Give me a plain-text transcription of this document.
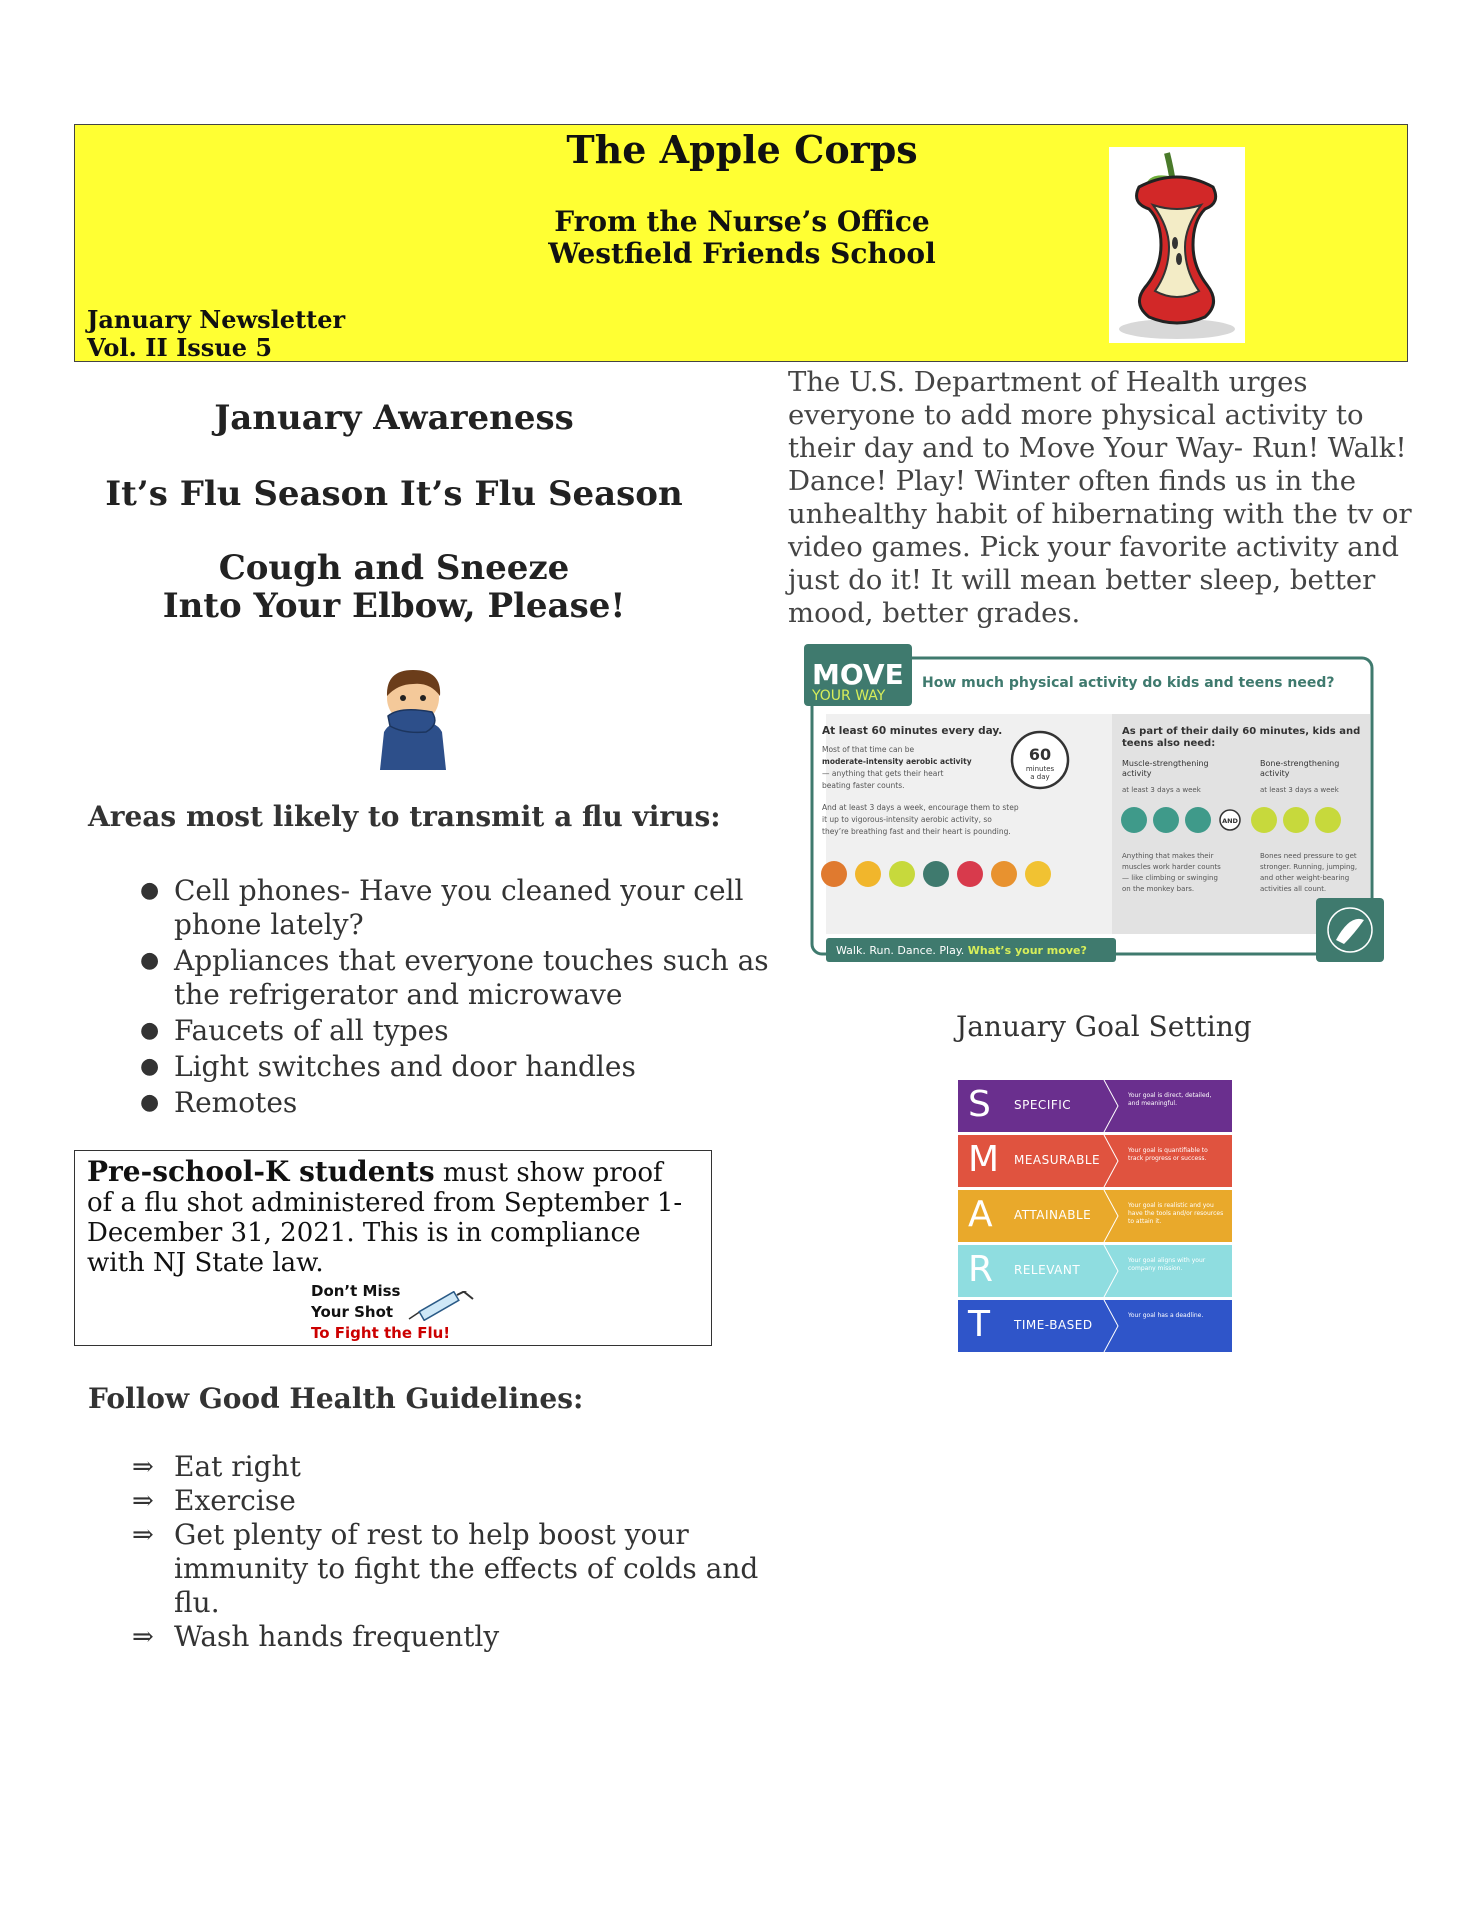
The Apple Corps
From the Nurse’s Office
Westfield Friends School
January Newsletter
Vol. II Issue 5
January Awareness
It’s Flu Season It’s Flu Season
Cough and Sneeze
Into Your Elbow, Please!
Areas most likely to transmit a flu virus:
● Cell phones- Have you cleaned your cell phone lately?
● Appliances that everyone touches such as the refrigerator and microwave
● Faucets of all types
● Light switches and door handles
● Remotes
Pre-school-K students must show proof of a flu shot administered from September 1-December 31, 2021. This is in compliance with NJ State law.
Don’t Miss
Your Shot
To Fight the Flu!
Follow Good Health Guidelines:
⇒ Eat right
⇒ Exercise
⇒ Get plenty of rest to help boost your immunity to fight the effects of colds and flu.
⇒ Wash hands frequently
The U.S. Department of Health urges everyone to add more physical activity to their day and to Move Your Way- Run! Walk! Dance! Play! Winter often finds us in the unhealthy habit of hibernating with the tv or video games. Pick your favorite activity and just do it! It will mean better sleep, better mood, better grades.
MOVE
YOUR WAY
How much physical activity do kids and teens need?
At least 60 minutes every day.
Most of that time can be
moderate-intensity aerobic activity
— anything that gets their heart
beating faster counts.
And at least 3 days a week, encourage them to step
it up to vigorous-intensity aerobic activity, so
they’re breathing fast and their heart is pounding.
60
minutes
a day
As part of their daily 60 minutes, kids and
teens also need:
Muscle-strengthening
activity
at least 3 days a week
Bone-strengthening
activity
at least 3 days a week
AND
Anything that makes their
muscles work harder counts
— like climbing or swinging
on the monkey bars.
Bones need pressure to get
stronger. Running, jumping,
and other weight-bearing
activities all count.
Walk. Run. Dance. Play. What’s your move?
January Goal Setting
S SPECIFIC
Your goal is direct, detailed, and meaningful.
M MEASURABLE
Your goal is quantifiable to track progress or success.
A ATTAINABLE
Your goal is realistic and you have the tools and/or resources to attain it.
R RELEVANT
Your goal aligns with your company mission.
T TIME-BASED
Your goal has a deadline.
